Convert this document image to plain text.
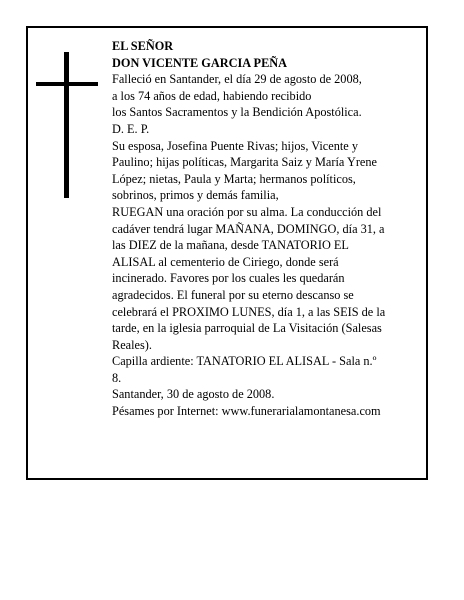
EL SEÑOR
DON VICENTE GARCIA PEÑA
Falleció en Santander, el día 29 de agosto de 2008,
a los 74 años de edad, habiendo recibido
los Santos Sacramentos y la Bendición Apostólica.
D. E. P.
Su esposa, Josefina Puente Rivas; hijos, Vicente y
Paulino; hijas políticas, Margarita Saiz y María Yrene
López; nietas, Paula y Marta; hermanos políticos,
sobrinos, primos y demás familia,
RUEGAN una oración por su alma. La conducción del
cadáver tendrá lugar MAÑANA, DOMINGO, día 31, a
las DIEZ de la mañana, desde TANATORIO EL
ALISAL al cementerio de Ciriego, donde será
incinerado. Favores por los cuales les quedarán
agradecidos. El funeral por su eterno descanso se
celebrará el PROXIMO LUNES, día 1, a las SEIS de la
tarde, en la iglesia parroquial de La Visitación (Salesas
Reales).
Capilla ardiente: TANATORIO EL ALISAL - Sala n.º
8.
Santander, 30 de agosto de 2008.
Pésames por Internet: www.funerarialamontanesa.com
